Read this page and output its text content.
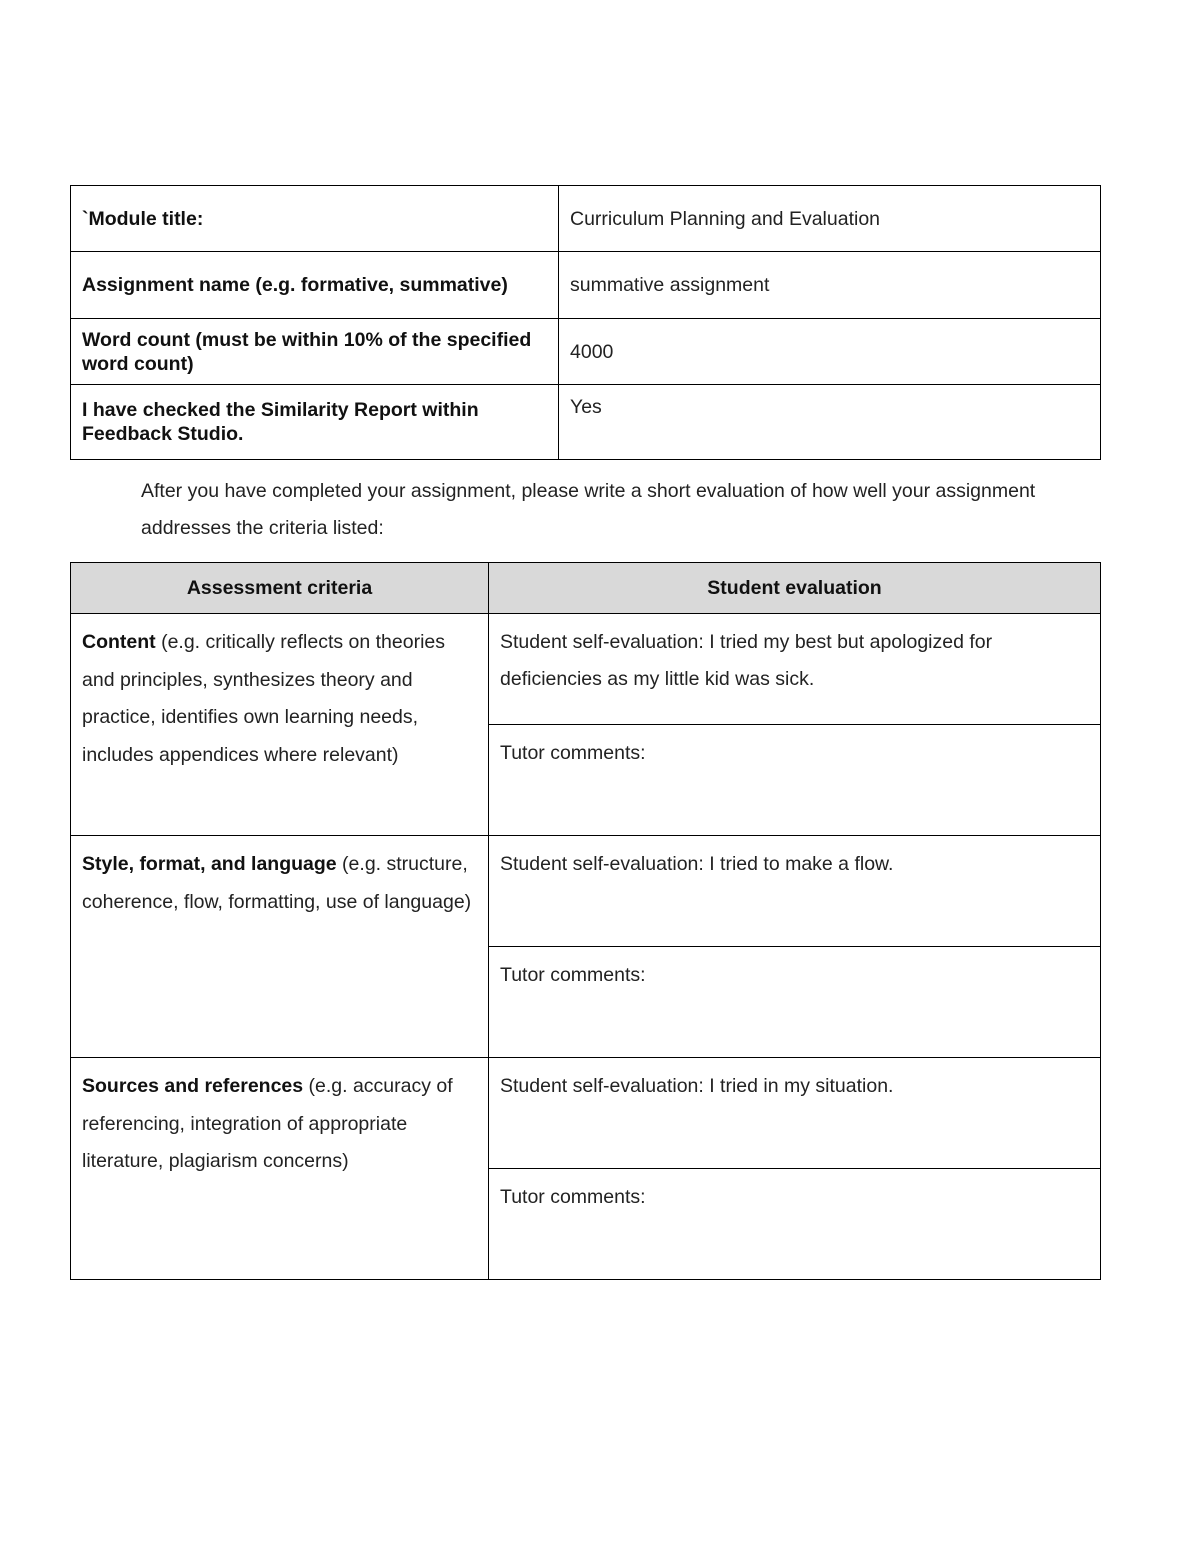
`Module title:	Curriculum Planning and Evaluation
Assignment name (e.g. formative, summative)	summative assignment
Word count (must be within 10% of the specified word count)	4000
I have checked the Similarity Report within Feedback Studio.	Yes

After you have completed your assignment, please write a short evaluation of how well your assignment addresses the criteria listed:

Assessment criteria	Student evaluation
Content (e.g. critically reflects on theories and principles, synthesizes theory and practice, identifies own learning needs, includes appendices where relevant)	Student self-evaluation: I tried my best but apologized for deficiencies as my little kid was sick.
	Tutor comments:
Style, format, and language (e.g. structure, coherence, flow, formatting, use of language)	Student self-evaluation: I tried to make a flow.
	Tutor comments:
Sources and references (e.g. accuracy of referencing, integration of appropriate literature, plagiarism concerns)	Student self-evaluation: I tried in my situation.
	Tutor comments:
